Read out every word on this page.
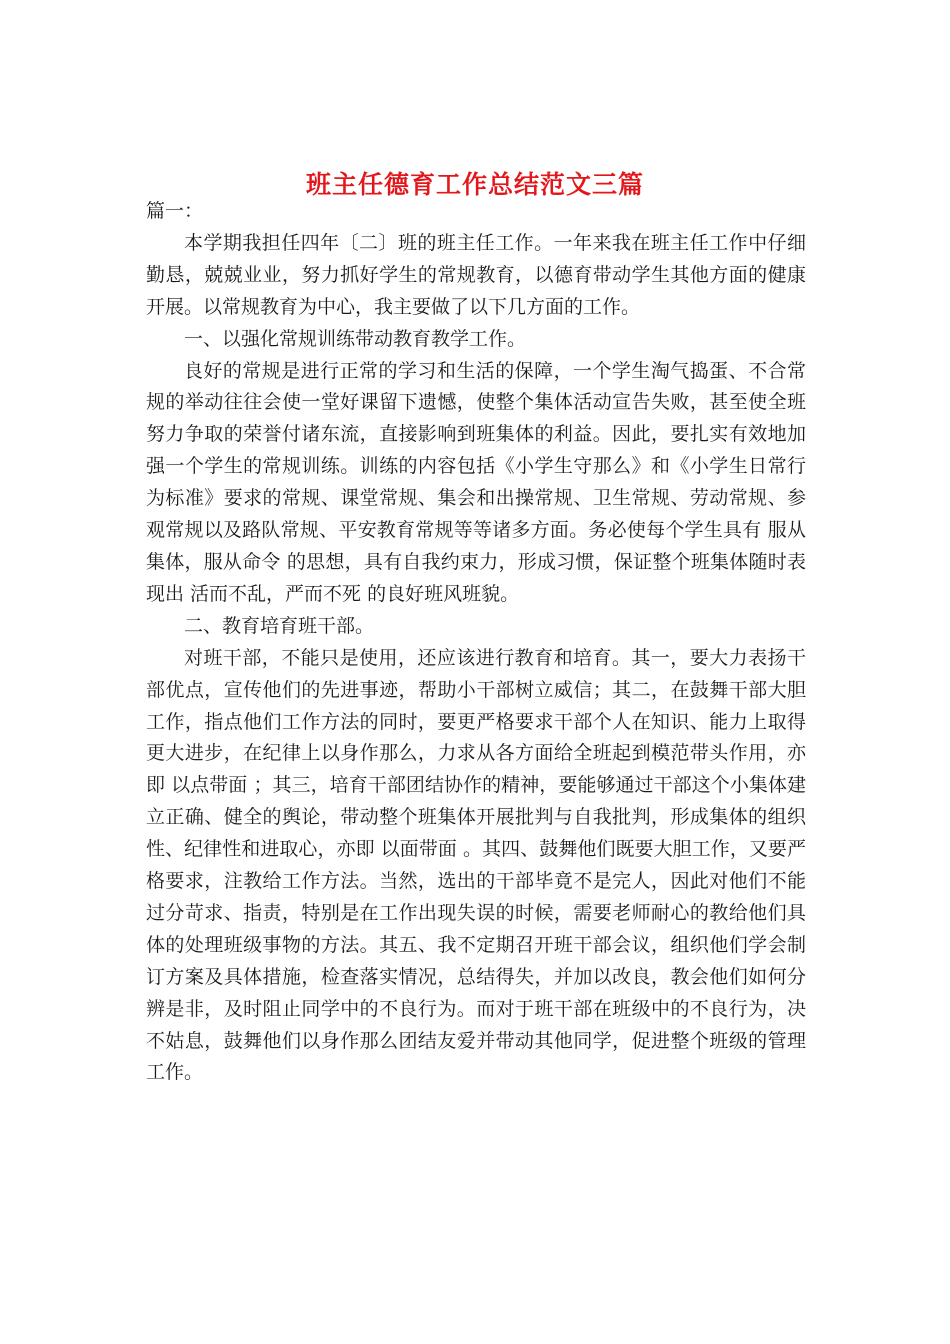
班主任德育工作总结范文三篇

篇一：

本学期我担任四年〔二〕班的班主任工作。一年来我在班主任工作中仔细勤恳，兢兢业业，努力抓好学生的常规教育，以德育带动学生其他方面的健康开展。以常规教育为中心，我主要做了以下几方面的工作。

一、以强化常规训练带动教育教学工作。

良好的常规是进行正常的学习和生活的保障，一个学生淘气捣蛋、不合常规的举动往往会使一堂好课留下遗憾，使整个集体活动宣告失败，甚至使全班努力争取的荣誉付诸东流，直接影响到班集体的利益。因此，要扎实有效地加强一个学生的常规训练。训练的内容包括《小学生守那么》和《小学生日常行为标准》要求的常规、课堂常规、集会和出操常规、卫生常规、劳动常规、参观常规以及路队常规、平安教育常规等等诸多方面。务必使每个学生具有 服从集体，服从命令 的思想，具有自我约束力，形成习惯，保证整个班集体随时表现出 活而不乱，严而不死 的良好班风班貌。

二、教育培育班干部。

对班干部，不能只是使用，还应该进行教育和培育。其一，要大力表扬干部优点，宣传他们的先进事迹，帮助小干部树立威信；其二，在鼓舞干部大胆工作，指点他们工作方法的同时，要更严格要求干部个人在知识、能力上取得更大进步，在纪律上以身作那么，力求从各方面给全班起到模范带头作用，亦即 以点带面 ；其三，培育干部团结协作的精神，要能够通过干部这个小集体建立正确、健全的舆论，带动整个班集体开展批判与自我批判，形成集体的组织性、纪律性和进取心，亦即 以面带面 。其四、鼓舞他们既要大胆工作，又要严格要求，注教给工作方法。当然，选出的干部毕竟不是完人，因此对他们不能过分苛求、指责，特别是在工作出现失误的时候，需要老师耐心的教给他们具体的处理班级事物的方法。其五、我不定期召开班干部会议，组织他们学会制订方案及具体措施，检查落实情况，总结得失，并加以改良，教会他们如何分辨是非，及时阻止同学中的不良行为。而对于班干部在班级中的不良行为，决不姑息，鼓舞他们以身作那么团结友爱并带动其他同学，促进整个班级的管理工作。
